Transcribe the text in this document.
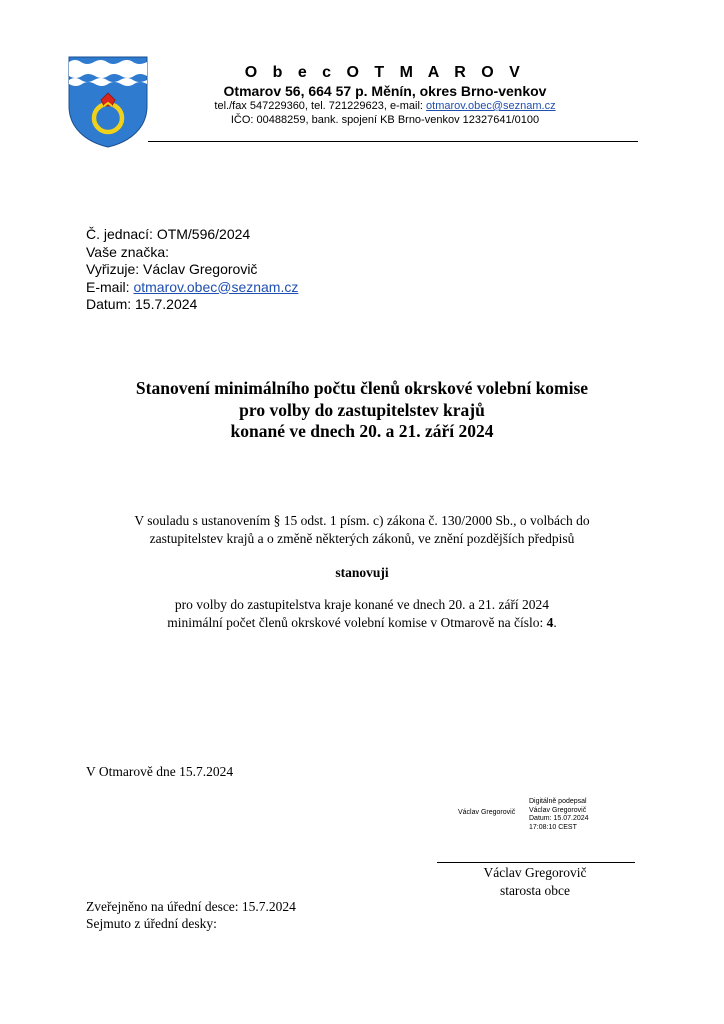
O b e c O T M A R O V
Otmarov 56, 664 57 p. Měnín, okres Brno-venkov
tel./fax 547229360, tel. 721229623, e-mail: otmarov.obec@seznam.cz
IČO: 00488259, bank. spojení KB Brno-venkov 12327641/0100
Č. jednací: OTM/596/2024
Vaše značka:
Vyřizuje: Václav Gregorovič
E-mail: otmarov.obec@seznam.cz
Datum: 15.7.2024
Stanovení minimálního počtu členů okrskové volební komise
pro volby do zastupitelstev krajů
konané ve dnech 20. a 21. září 2024
V souladu s ustanovením § 15 odst. 1 písm. c) zákona č. 130/2000 Sb., o volbách do
zastupitelstev krajů a o změně některých zákonů, ve znění pozdějších předpisů
stanovuji
pro volby do zastupitelstva kraje konané ve dnech 20. a 21. září 2024
minimální počet členů okrskové volební komise v Otmarově na číslo: 4.
V Otmarově dne 15.7.2024
Václav Gregorovič
Digitálně podepsal
Václav Gregorovič
Datum: 15.07.2024
17:08:10 CEST
Václav Gregorovič
starosta obce
Zveřejněno na úřední desce: 15.7.2024
Sejmuto z úřední desky:
